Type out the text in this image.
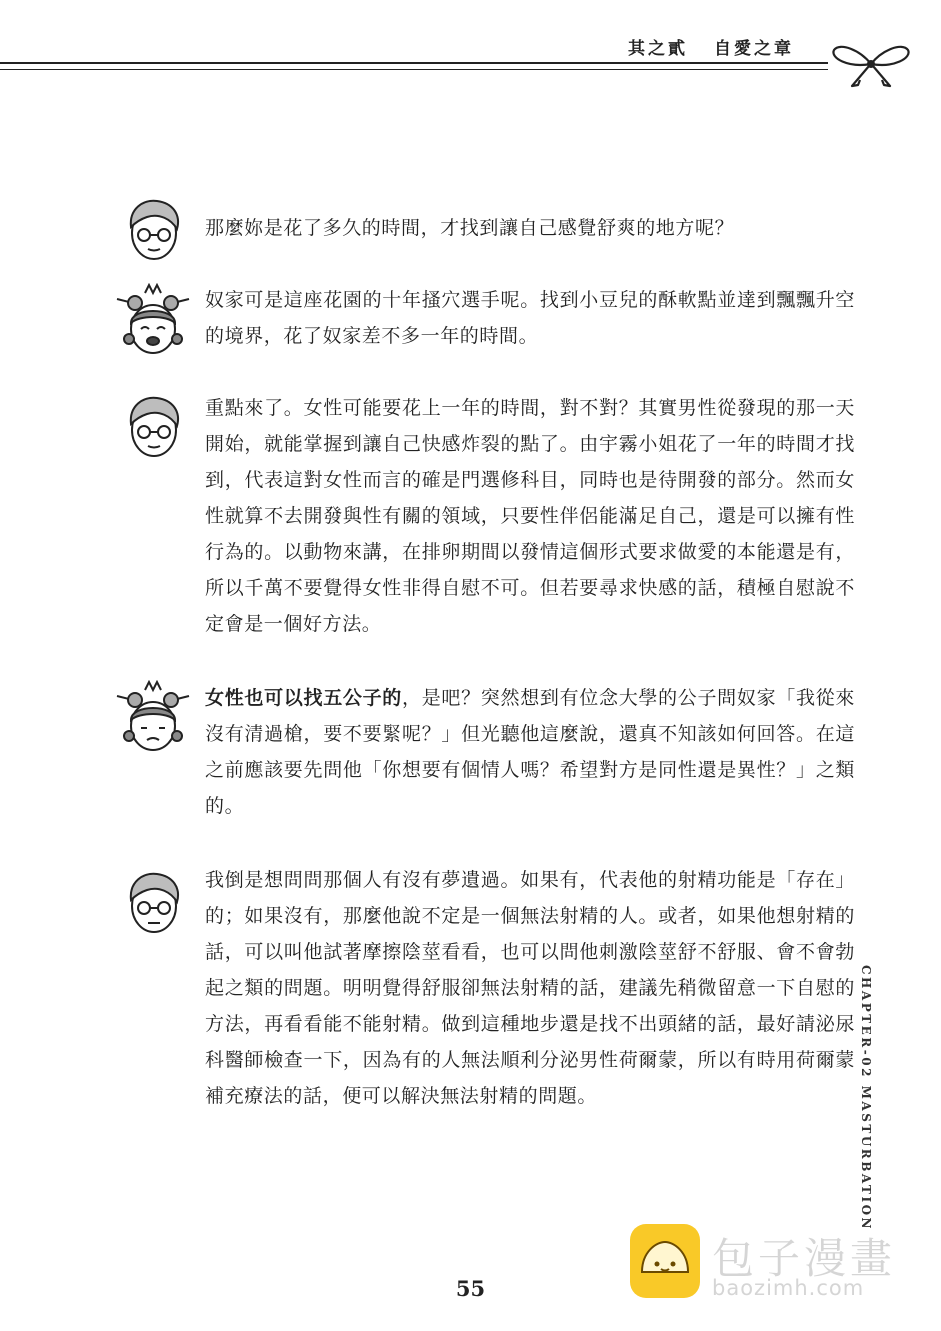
其之貳 自愛之章

那麼妳是花了多久的時間，才找到讓自己感覺舒爽的地方呢？

奴家可是這座花園的十年搔穴選手呢。找到小豆兒的酥軟點並達到飄飄升空的境界，花了奴家差不多一年的時間。

重點來了。女性可能要花上一年的時間，對不對？其實男性從發現的那一天開始，就能掌握到讓自己快感炸裂的點了。由宇霧小姐花了一年的時間才找到，代表這對女性而言的確是門選修科目，同時也是待開發的部分。然而女性就算不去開發與性有關的領域，只要性伴侶能滿足自己，還是可以擁有性行為的。以動物來講，在排卵期間以發情這個形式要求做愛的本能還是有，所以千萬不要覺得女性非得自慰不可。但若要尋求快感的話，積極自慰說不定會是一個好方法。

女性也可以找五公子的，是吧？突然想到有位念大學的公子問奴家「我從來沒有清過槍，要不要緊呢？」但光聽他這麼說，還真不知該如何回答。在這之前應該要先問他「你想要有個情人嗎？希望對方是同性還是異性？」之類的。

我倒是想問問那個人有沒有夢遺過。如果有，代表他的射精功能是「存在」的；如果沒有，那麼他說不定是一個無法射精的人。或者，如果他想射精的話，可以叫他試著摩擦陰莖看看，也可以問他刺激陰莖舒不舒服、會不會勃起之類的問題。明明覺得舒服卻無法射精的話，建議先稍微留意一下自慰的方法，再看看能不能射精。做到這種地步還是找不出頭緒的話，最好請泌尿科醫師檢查一下，因為有的人無法順利分泌男性荷爾蒙，所以有時用荷爾蒙補充療法的話，便可以解決無法射精的問題。	CHAPTER-02 MASTURBATION
55
包子漫畫
baozimh.com
